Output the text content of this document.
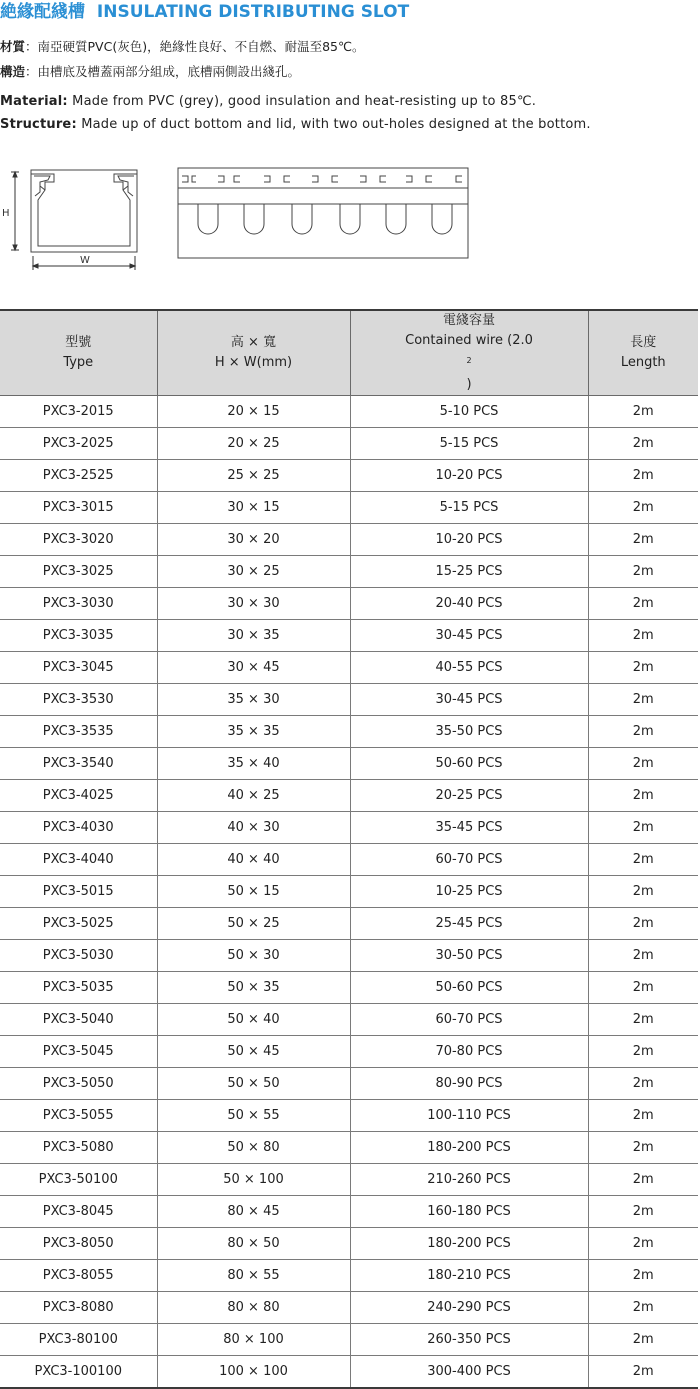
絶緣配綫槽 INSULATING DISTRIBUTING SLOT
材質：南亞硬質PVC(灰色)，絶緣性良好、不自燃、耐温至85℃。
構造：由槽底及槽蓋兩部分組成，底槽兩側設出綫孔。
Material: Made from PVC (grey), good insulation and heat-resisting up to 85℃.
Structure: Made up of duct bottom and lid, with two out-holes designed at the bottom.
H
W
型號
Type	高 × 寬
H × W(mm)	電綫容量
Contained wire (2.0
$^2$
)	長度
Length

PXC3-2015	20 × 15	5-10 PCS	2m
PXC3-2025	20 × 25	5-15 PCS	2m
PXC3-2525	25 × 25	10-20 PCS	2m
PXC3-3015	30 × 15	5-15 PCS	2m
PXC3-3020	30 × 20	10-20 PCS	2m
PXC3-3025	30 × 25	15-25 PCS	2m
PXC3-3030	30 × 30	20-40 PCS	2m
PXC3-3035	30 × 35	30-45 PCS	2m
PXC3-3045	30 × 45	40-55 PCS	2m
PXC3-3530	35 × 30	30-45 PCS	2m
PXC3-3535	35 × 35	35-50 PCS	2m
PXC3-3540	35 × 40	50-60 PCS	2m
PXC3-4025	40 × 25	20-25 PCS	2m
PXC3-4030	40 × 30	35-45 PCS	2m
PXC3-4040	40 × 40	60-70 PCS	2m
PXC3-5015	50 × 15	10-25 PCS	2m
PXC3-5025	50 × 25	25-45 PCS	2m
PXC3-5030	50 × 30	30-50 PCS	2m
PXC3-5035	50 × 35	50-60 PCS	2m
PXC3-5040	50 × 40	60-70 PCS	2m
PXC3-5045	50 × 45	70-80 PCS	2m
PXC3-5050	50 × 50	80-90 PCS	2m
PXC3-5055	50 × 55	100-110 PCS	2m
PXC3-5080	50 × 80	180-200 PCS	2m
PXC3-50100	50 × 100	210-260 PCS	2m
PXC3-8045	80 × 45	160-180 PCS	2m
PXC3-8050	80 × 50	180-200 PCS	2m
PXC3-8055	80 × 55	180-210 PCS	2m
PXC3-8080	80 × 80	240-290 PCS	2m
PXC3-80100	80 × 100	260-350 PCS	2m
PXC3-100100	100 × 100	300-400 PCS	2m
